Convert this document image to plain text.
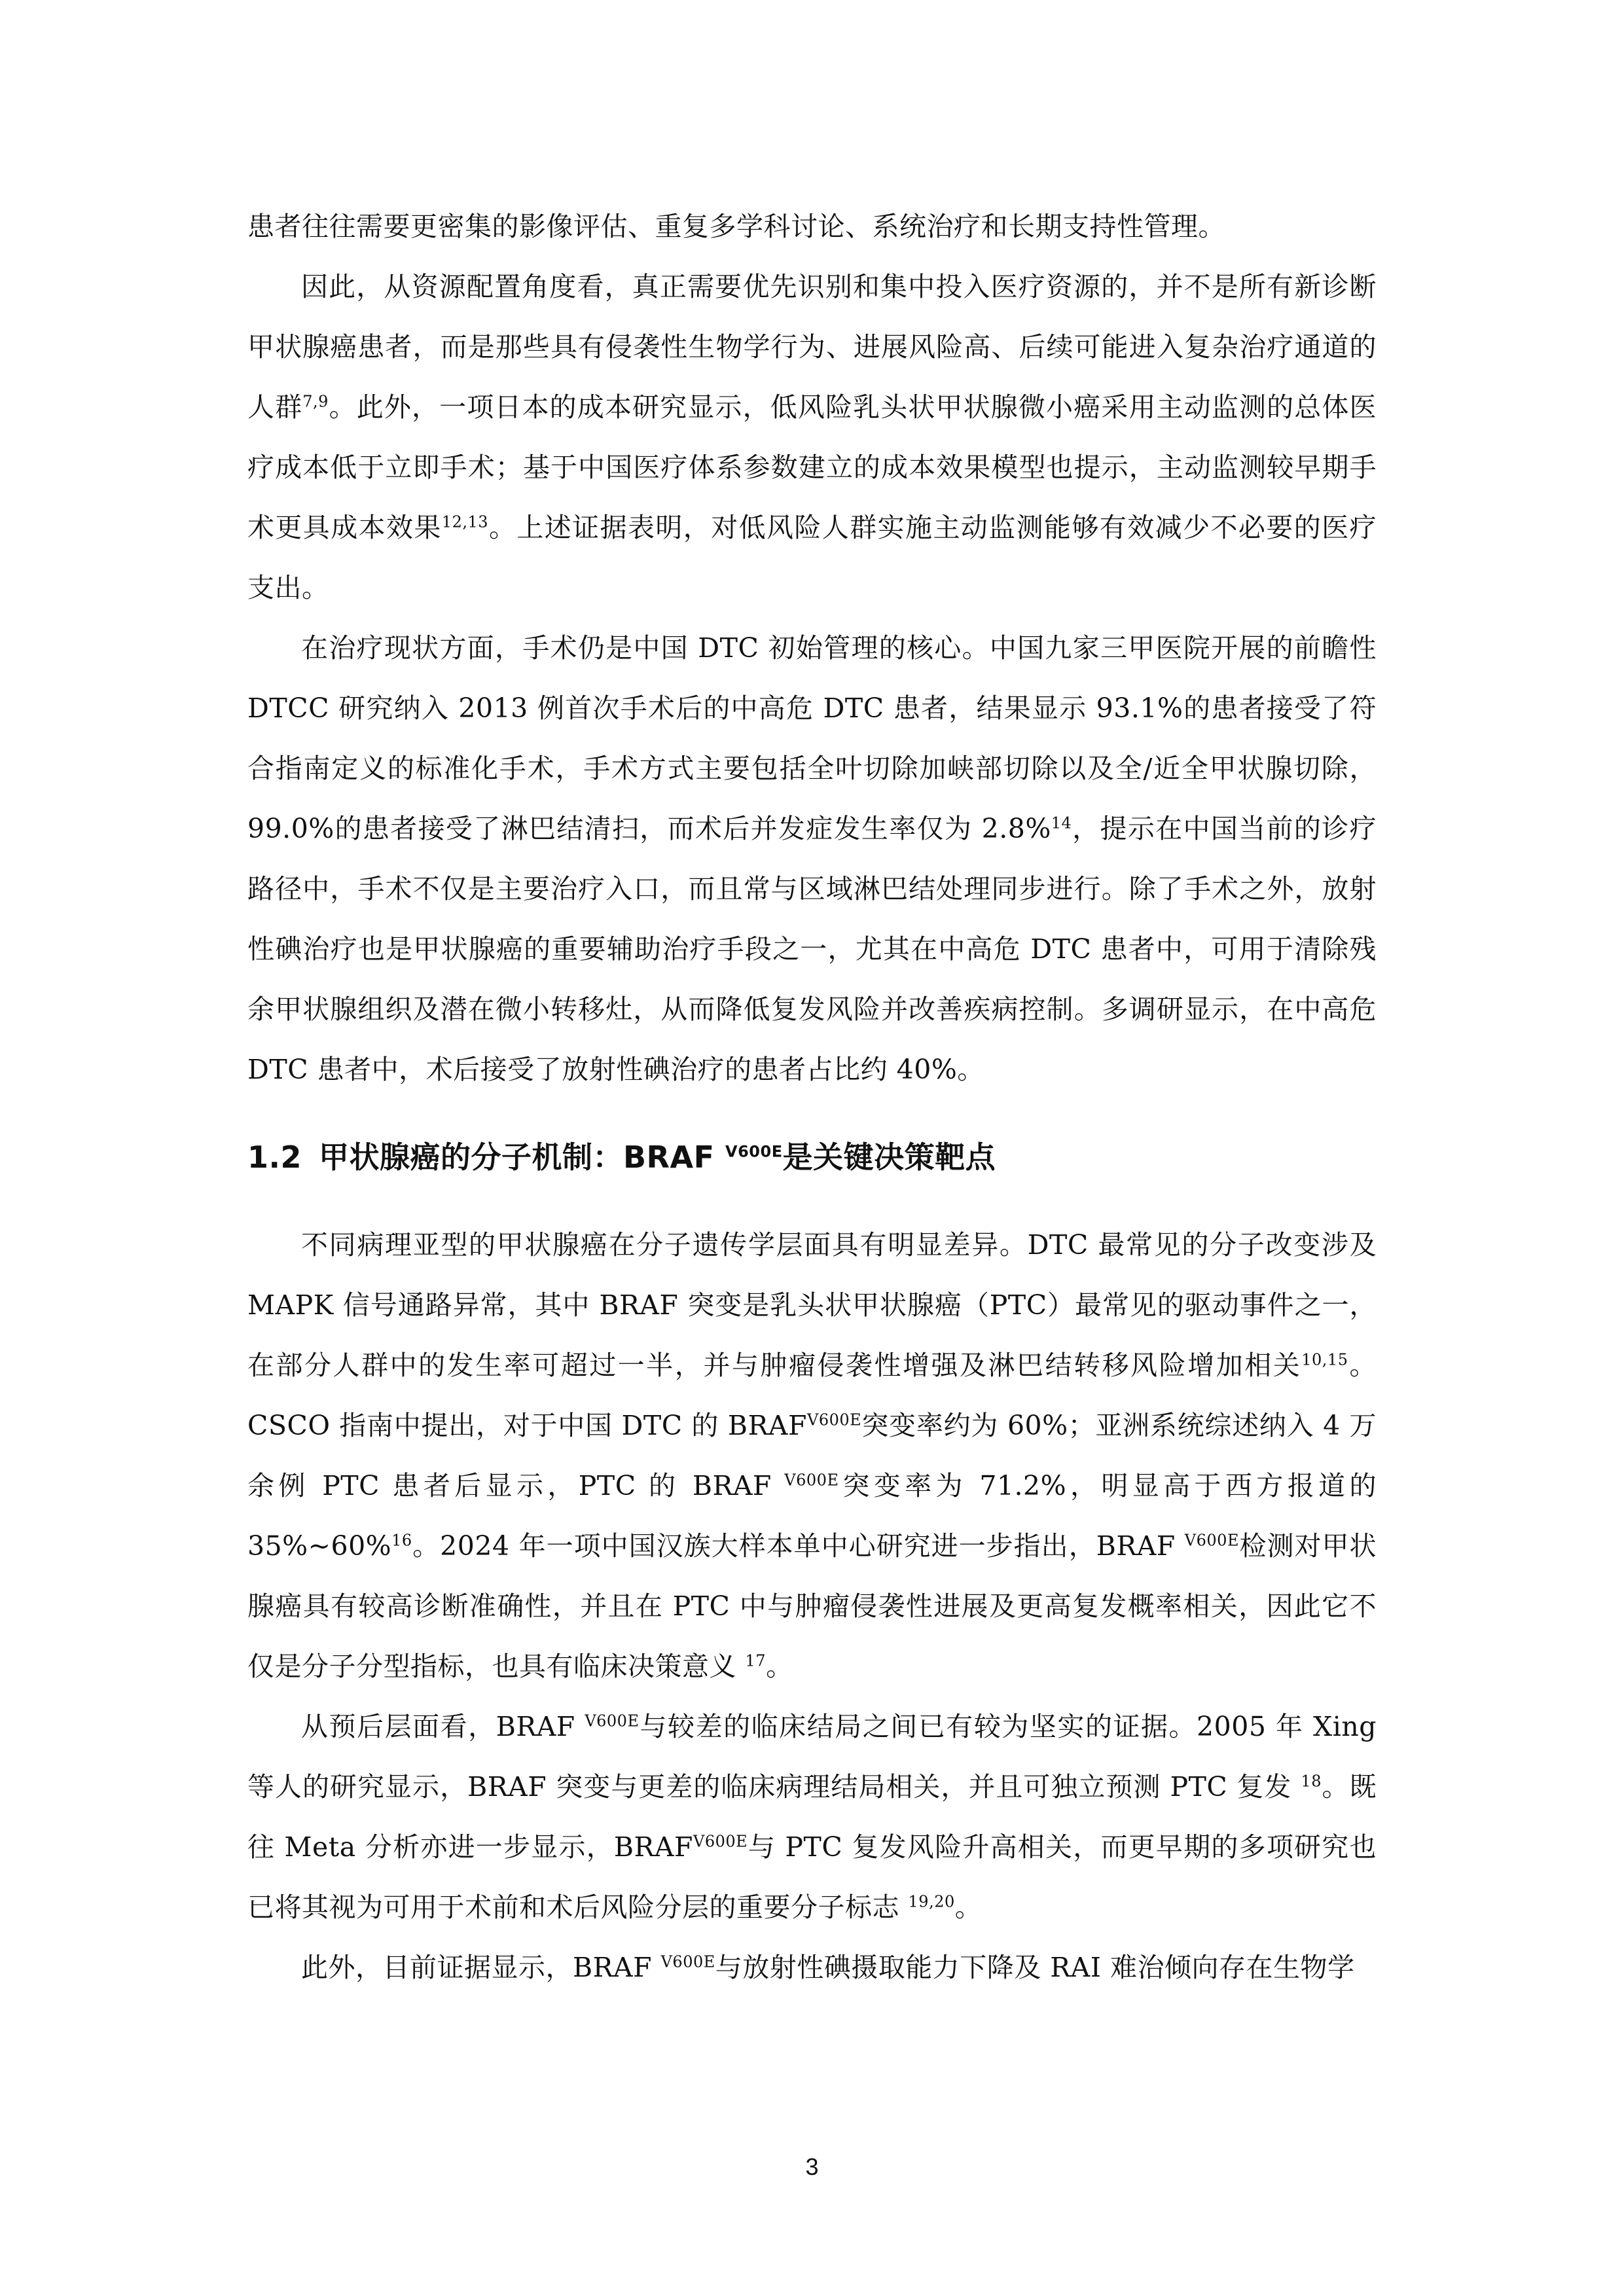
患者往往需要更密集的影像评估、重复多学科讨论、系统治疗和长期支持性管理。

因此，从资源配置角度看，真正需要优先识别和集中投入医疗资源的，并不是所有新诊断甲状腺癌患者，而是那些具有侵袭性生物学行为、进展风险高、后续可能进入复杂治疗通道的人群$^{7,9}$。此外，一项日本的成本研究显示，低风险乳头状甲状腺微小癌采用主动监测的总体医疗成本低于立即手术；基于中国医疗体系参数建立的成本效果模型也提示，主动监测较早期手术更具成本效果$^{12,13}$。上述证据表明，对低风险人群实施主动监测能够有效减少不必要的医疗支出。

在治疗现状方面，手术仍是中国 DTC 初始管理的核心。中国九家三甲医院开展的前瞻性 DTCC 研究纳入 2013 例首次手术后的中高危 DTC 患者，结果显示 93.1%的患者接受了符合指南定义的标准化手术，手术方式主要包括全叶切除加峡部切除以及全/近全甲状腺切除，99.0%的患者接受了淋巴结清扫，而术后并发症发生率仅为 2.8%$^{14}$，提示在中国当前的诊疗路径中，手术不仅是主要治疗入口，而且常与区域淋巴结处理同步进行。除了手术之外，放射性碘治疗也是甲状腺癌的重要辅助治疗手段之一，尤其在中高危 DTC 患者中，可用于清除残余甲状腺组织及潜在微小转移灶，从而降低复发风险并改善疾病控制。多调研显示，在中高危 DTC 患者中，术后接受了放射性碘治疗的患者占比约 40%。

1.2 甲状腺癌的分子机制：BRAF $^{V600E}$是关键决策靶点

不同病理亚型的甲状腺癌在分子遗传学层面具有明显差异。DTC 最常见的分子改变涉及 MAPK 信号通路异常，其中 BRAF 突变是乳头状甲状腺癌（PTC）最常见的驱动事件之一，在部分人群中的发生率可超过一半，并与肿瘤侵袭性增强及淋巴结转移风险增加相关$^{10,15}$。CSCO 指南中提出，对于中国 DTC 的 $BRAF^{V600E}$突变率约为 60%；亚洲系统综述纳入 4 万余例 PTC 患者后显示，PTC 的 BRAF $^{V600E}$突变率为 71.2%，明显高于西方报道的 35%~60%$^{16}$。2024 年一项中国汉族大样本单中心研究进一步指出，BRAF $^{V600E}$检测对甲状腺癌具有较高诊断准确性，并且在 PTC 中与肿瘤侵袭性进展及更高复发概率相关，因此它不仅是分子分型指标，也具有临床决策意义 $^{17}$。

从预后层面看，BRAF $^{V600E}$与较差的临床结局之间已有较为坚实的证据。2005 年 Xing 等人的研究显示，BRAF 突变与更差的临床病理结局相关，并且可独立预测 PTC 复发 $^{18}$。既往 Meta 分析亦进一步显示，$BRAF^{V600E}$与 PTC 复发风险升高相关，而更早期的多项研究也已将其视为可用于术前和术后风险分层的重要分子标志 $^{19,20}$。

此外，目前证据显示，BRAF $^{V600E}$与放射性碘摄取能力下降及 RAI 难治倾向存在生物学

3
